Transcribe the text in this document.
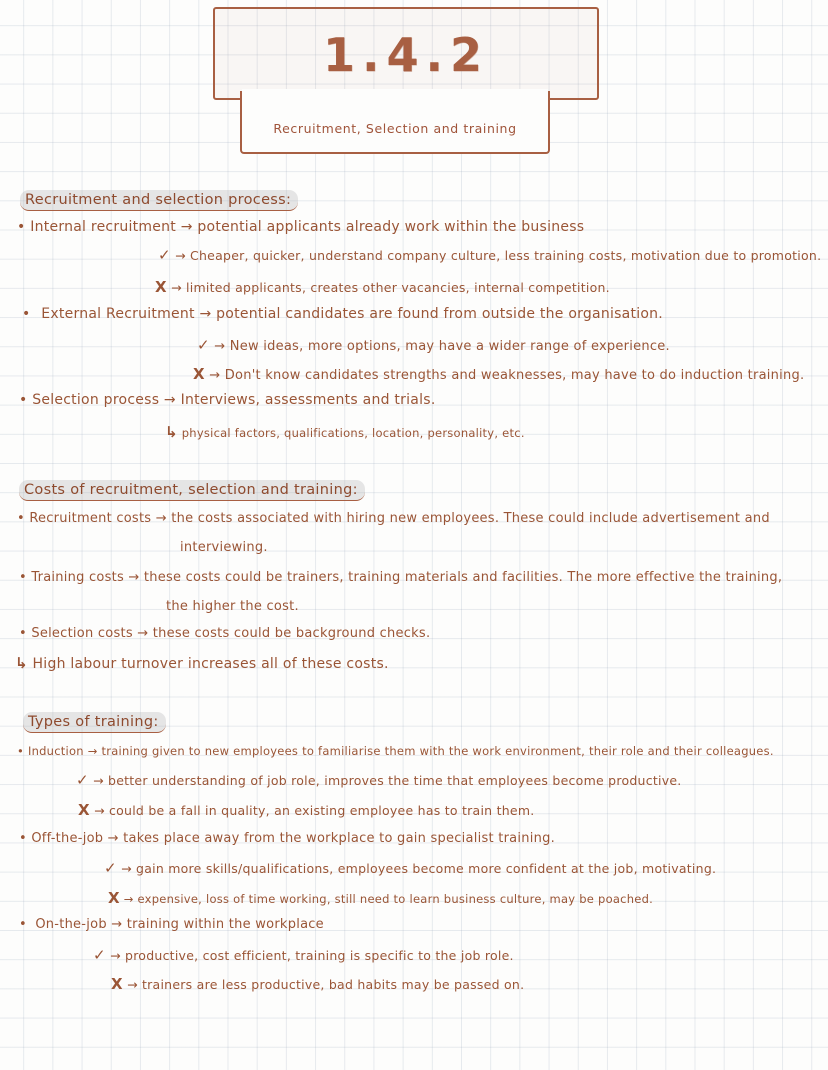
1.4.2
Recruitment, Selection and training
Recruitment and selection process:
• Internal recruitment → potential applicants already work within the business
✓ → Cheaper, quicker, understand company culture, less training costs, motivation due to promotion.
X → limited applicants, creates other vacancies, internal competition.
• External Recruitment → potential candidates are found from outside the organisation.
✓ → New ideas, more options, may have a wider range of experience.
X → Don't know candidates strengths and weaknesses, may have to do induction training.
• Selection process → Interviews, assessments and trials.
↳ physical factors, qualifications, location, personality, etc.
Costs of recruitment, selection and training:
• Recruitment costs → the costs associated with hiring new employees. These could include advertisement and
interviewing.
• Training costs → these costs could be trainers, training materials and facilities. The more effective the training,
the higher the cost.
• Selection costs → these costs could be background checks.
↳ High labour turnover increases all of these costs.
Types of training:
• Induction → training given to new employees to familiarise them with the work environment, their role and their colleagues.
✓ → better understanding of job role, improves the time that employees become productive.
X → could be a fall in quality, an existing employee has to train them.
• Off-the-job → takes place away from the workplace to gain specialist training.
✓ → gain more skills/qualifications, employees become more confident at the job, motivating.
X → expensive, loss of time working, still need to learn business culture, may be poached.
• On-the-job → training within the workplace
✓ → productive, cost efficient, training is specific to the job role.
X → trainers are less productive, bad habits may be passed on.
